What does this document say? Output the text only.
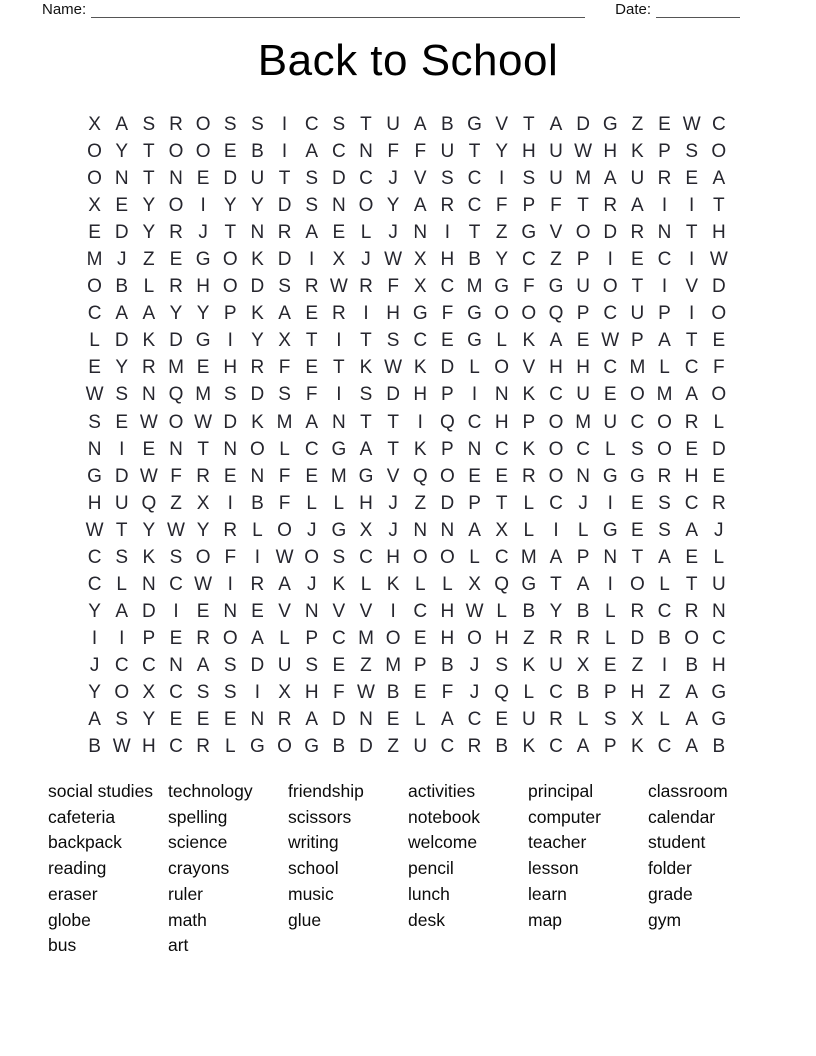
Name:	Date:
Back to School
X A S R O S S I C S T U A B G V T A D G Z E W C
O Y T O O E B I A C N F F U T Y H U W H K P S O
O N T N E D U T S D C J V S C I S U M A U R E A
X E Y O I Y Y D S N O Y A R C F P F T R A I	I T
E D Y R J T N R A E L J N I T Z G V O D R N T H
M J Z E G O K D I X J W X H B Y C Z P I E C I W
O B L R H O D S R W R F X C M G F G U O T I V D
C A A Y Y P K A E R I H G F G O O Q P C U P I O
L D K D G I Y X T I T S C E G L K A E W P A T E
E Y R M E H R F E T K W K D L O V H H C M L C F
W S N Q M S D S F I S D H P I N K C U E O M A O
S E W O W D K M A N T T I Q C H P O M U C O R L
N I E N T N O L C G A T K P N C K O C L S O E D
G D W F R E N F E M G V Q O E E R O N G G R H E
H U Q Z X I B F L L H J Z D P T L C J	I E S C R
W T Y W Y R L O J G X J N N A X L	I	L G E S A J
C S K S O F I W O S C H O O L C M A P N T A E L
C L N C W I R A J K L K L L X Q G T A I O L T U
Y A D I E N E V N V V I C H W L B Y B L R C R N
I	I P E R O A L P C M O E H O H Z R R L D B O C
J C C N A S D U S E Z M P B J S K U X E Z I B H
Y O X C S S I X H F W B E F J Q L C B P H Z A G
A S Y E E E N R A D N E L A C E U R L S X L A G
B W H C R L G O G B D Z U C R B K C A P K C A B
social studies
cafeteria
backpack
reading
eraser
globe
bus
technology
spelling
science
crayons
ruler
math
art
friendship
scissors
writing
school
music
glue
activities
notebook
welcome
pencil
lunch
desk
principal
computer
teacher
lesson
learn
map
classroom
calendar
student
folder
grade
gym
